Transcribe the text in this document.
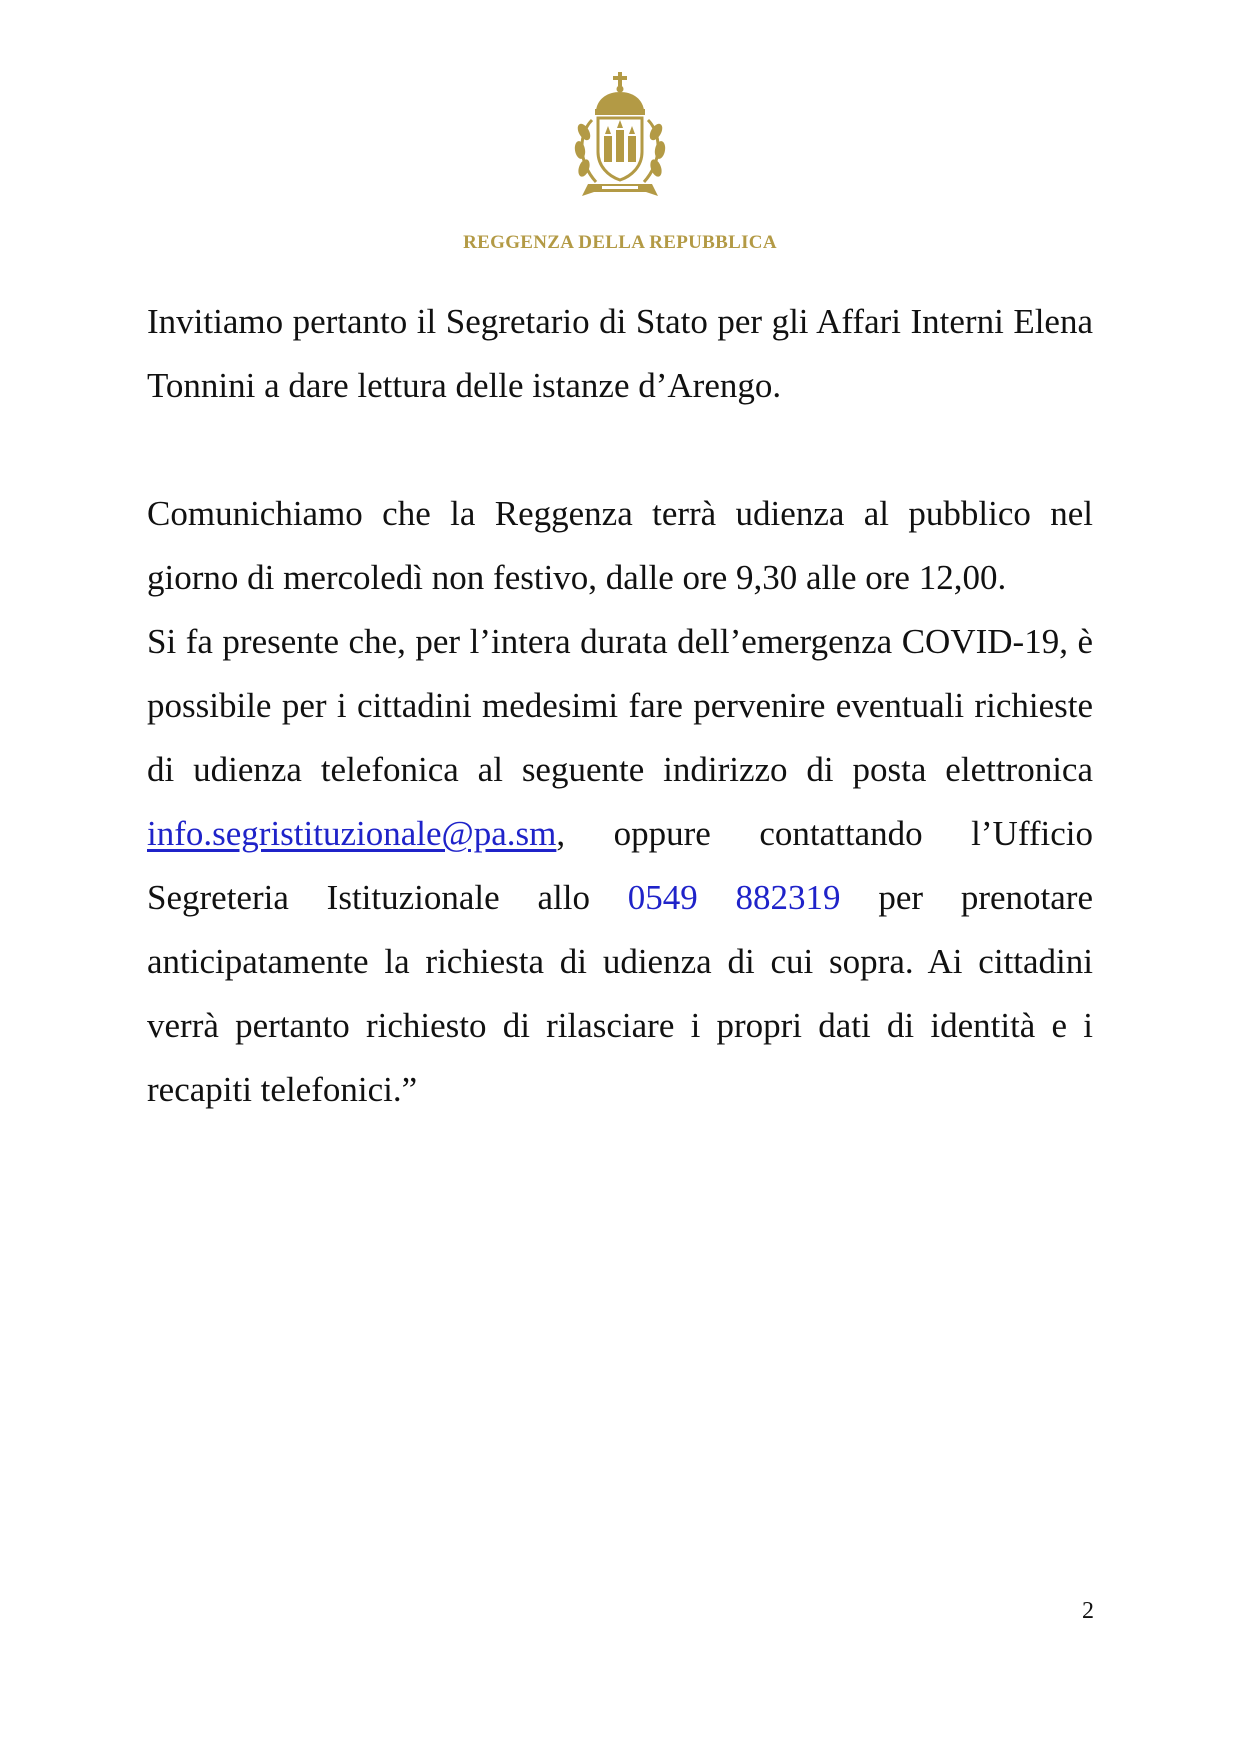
REGGENZA DELLA REPUBBLICA

Invitiamo pertanto il Segretario di Stato per gli Affari Interni Elena Tonnini a dare lettura delle istanze d’Arengo.

Comunichiamo che la Reggenza terrà udienza al pubblico nel giorno di mercoledì non festivo, dalle ore 9,30 alle ore 12,00.

Si fa presente che, per l’intera durata dell’emergenza COVID-19, è possibile per i cittadini medesimi fare pervenire eventuali richieste di udienza telefonica al seguente indirizzo di posta elettronica info.segristituzionale@pa.sm, oppure contattando l’Ufficio Segreteria Istituzionale allo 0549 882319 per prenotare anticipatamente la richiesta di udienza di cui sopra. Ai cittadini verrà pertanto richiesto di rilasciare i propri dati di identità e i recapiti telefonici.”

2
